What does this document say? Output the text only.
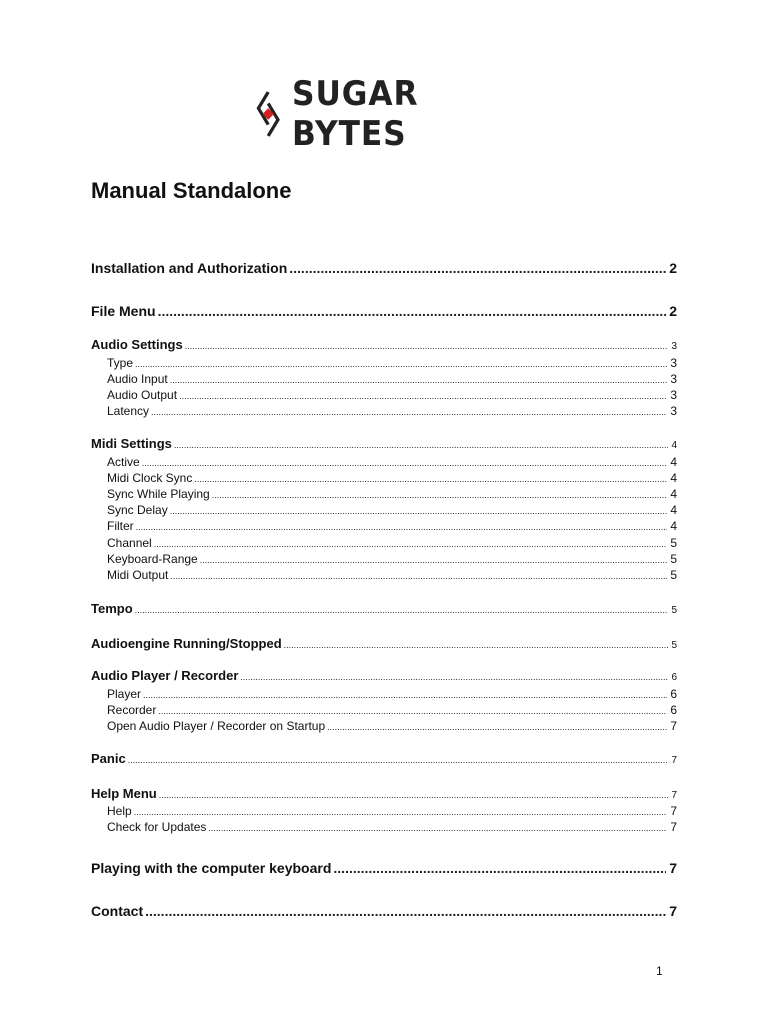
SUGAR BYTES
Manual Standalone
Installation and Authorization .....	2
File Menu .....	2
Audio Settings .....	3
Type .....	3
Audio Input .....	3
Audio Output .....	3
Latency .....	3
Midi Settings .....	4
Active .....	4
Midi Clock Sync .....	4
Sync While Playing .....	4
Sync Delay .....	4
Filter .....	4
Channel .....	5
Keyboard-Range .....	5
Midi Output .....	5
Tempo .....	5
Audioengine Running/Stopped .....	5
Audio Player / Recorder .....	6
Player .....	6
Recorder .....	6
Open Audio Player / Recorder on Startup .....	7
Panic .....	7
Help Menu .....	7
Help .....	7
Check for Updates .....	7
Playing with the computer keyboard .....	7
Contact .....	7
1
